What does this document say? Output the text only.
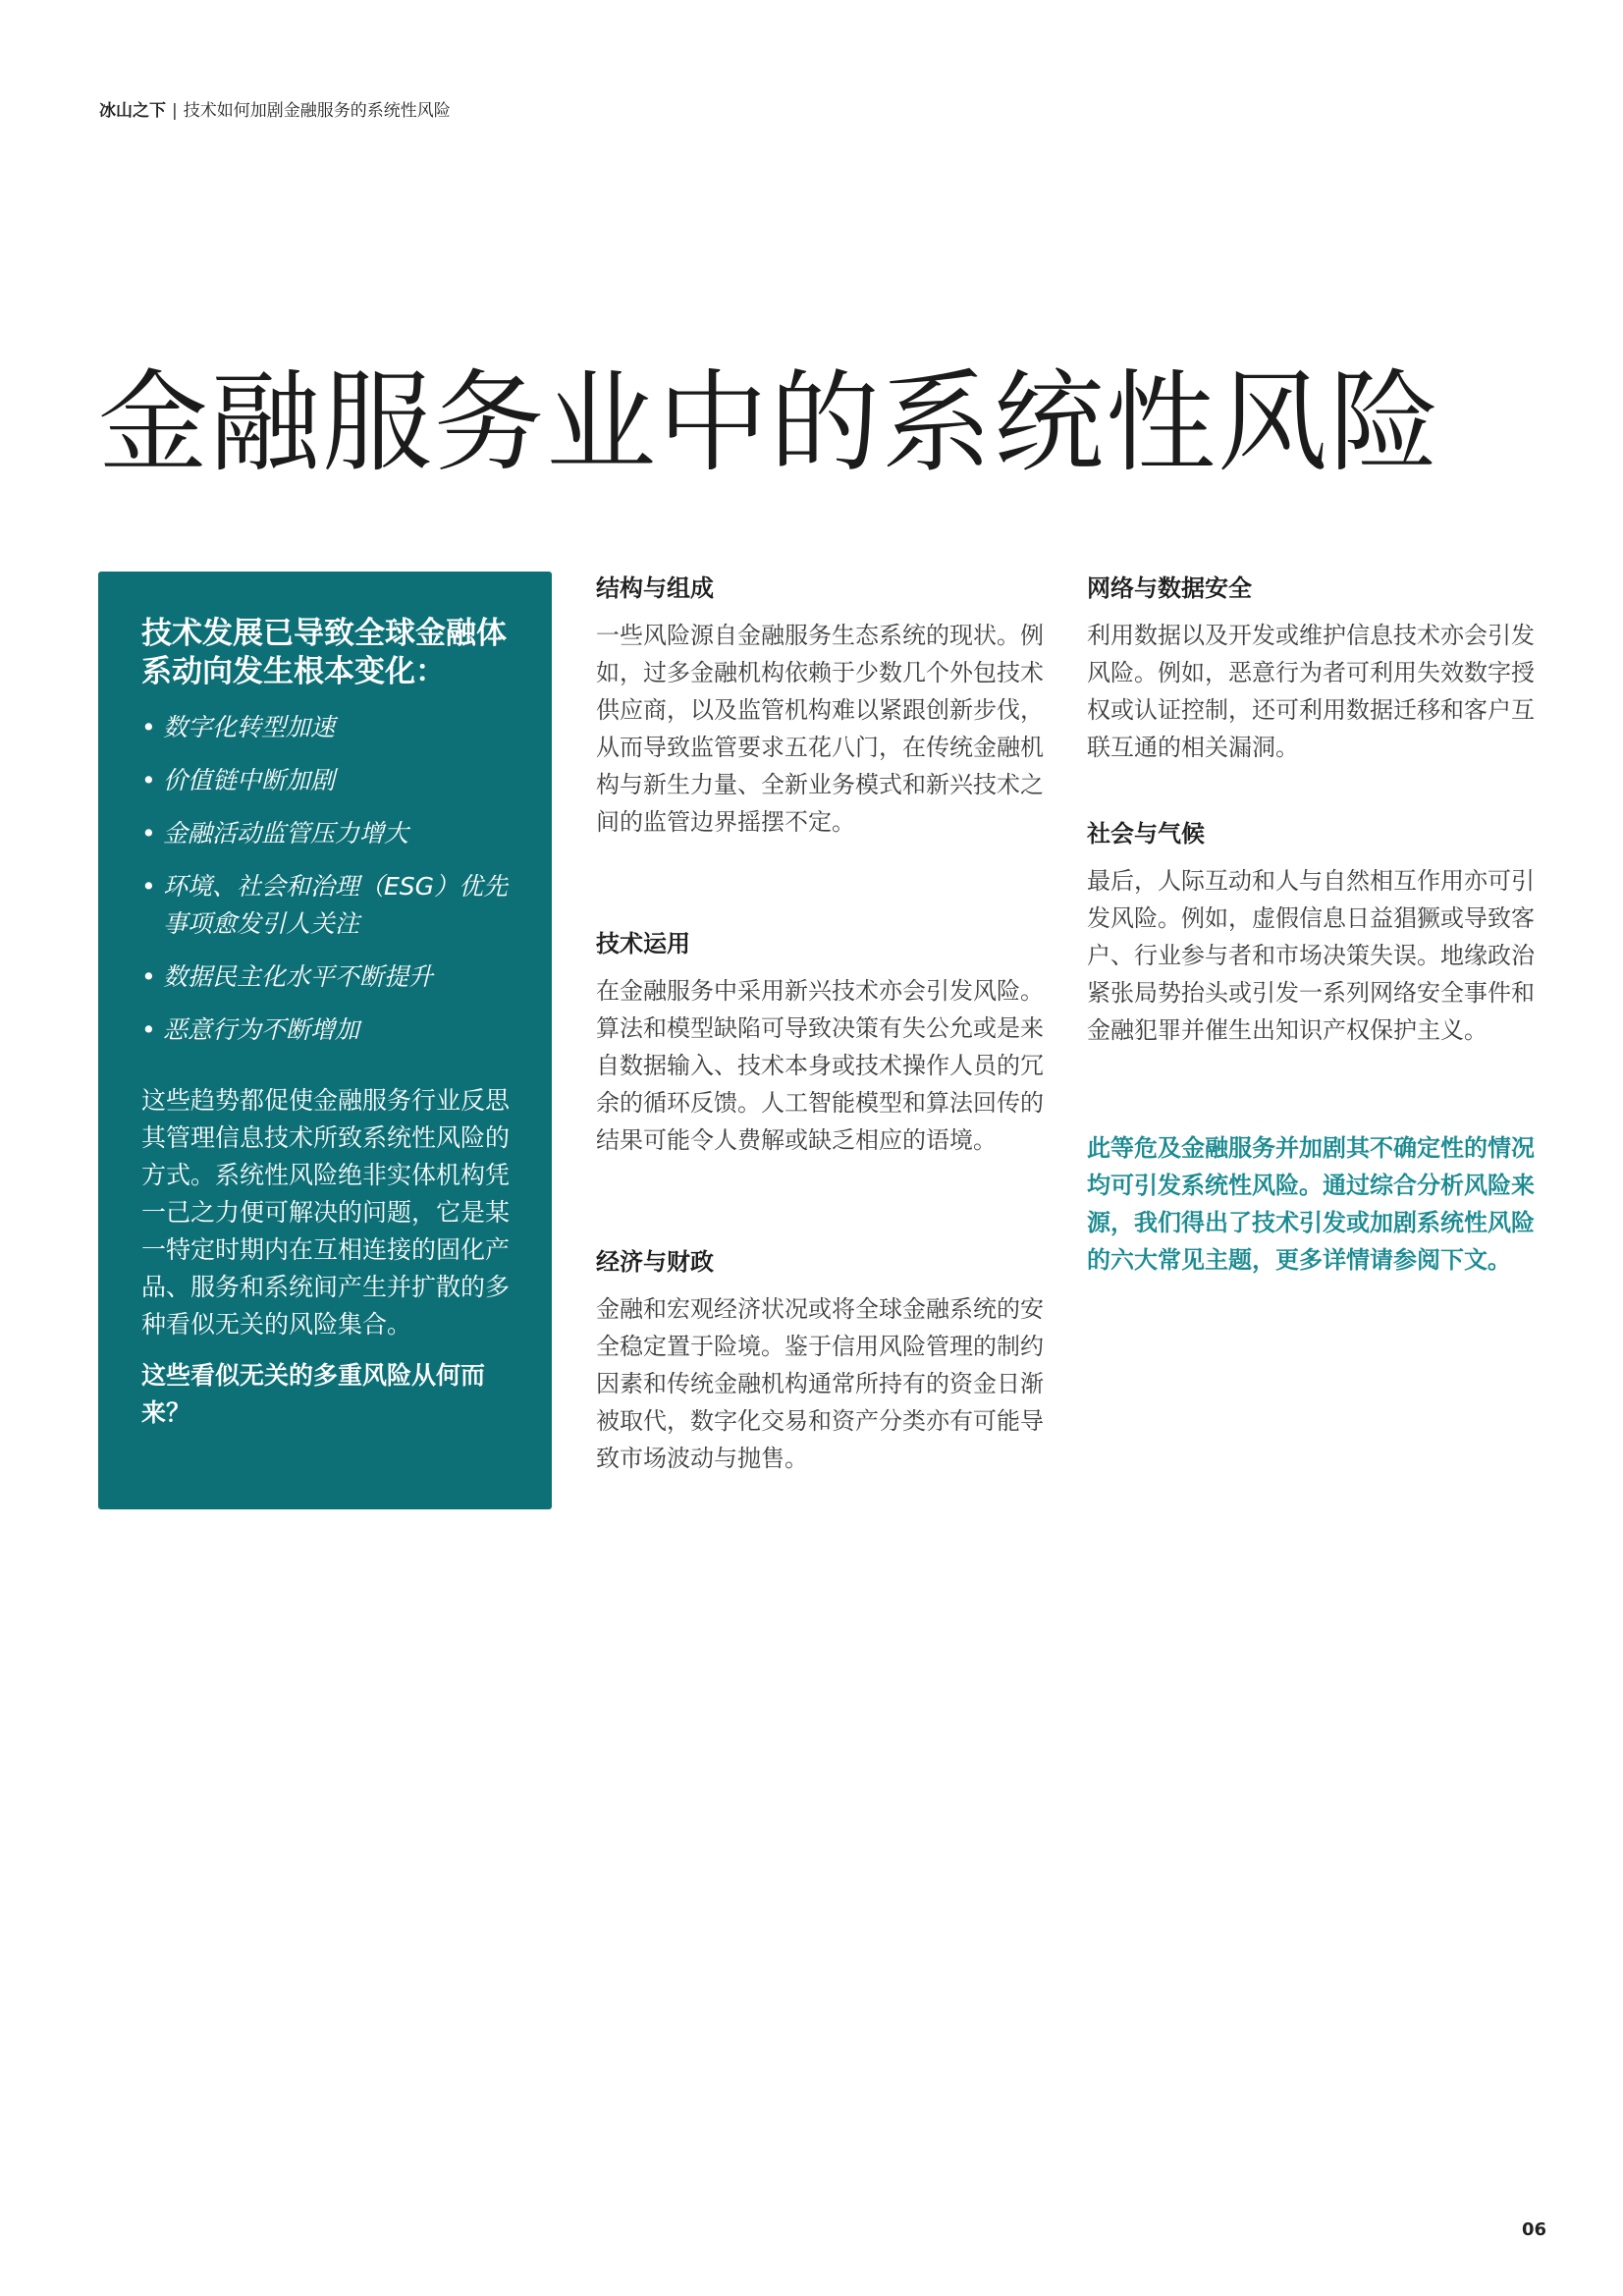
冰山之下 | 技术如何加剧金融服务的系统性风险
金融服务业中的系统性风险

技术发展已导致全球金融体系动向发生根本变化：

• 数字化转型加速
• 价值链中断加剧
• 金融活动监管压力增大
• 环境、社会和治理（ESG）优先事项愈发引人关注
• 数据民主化水平不断提升
• 恶意行为不断增加

这些趋势都促使金融服务行业反思其管理信息技术所致系统性风险的方式。系统性风险绝非实体机构凭一己之力便可解决的问题，它是某一特定时期内在互相连接的固化产品、服务和系统间产生并扩散的多种看似无关的风险集合。

这些看似无关的多重风险从何而来？

结构与组成

一些风险源自金融服务生态系统的现状。例如，过多金融机构依赖于少数几个外包技术供应商，以及监管机构难以紧跟创新步伐，从而导致监管要求五花八门，在传统金融机构与新生力量、全新业务模式和新兴技术之间的监管边界摇摆不定。

技术运用

在金融服务中采用新兴技术亦会引发风险。算法和模型缺陷可导致决策有失公允或是来自数据输入、技术本身或技术操作人员的冗余的循环反馈。人工智能模型和算法回传的结果可能令人费解或缺乏相应的语境。

经济与财政

金融和宏观经济状况或将全球金融系统的安全稳定置于险境。鉴于信用风险管理的制约因素和传统金融机构通常所持有的资金日渐被取代，数字化交易和资产分类亦有可能导致市场波动与抛售。

网络与数据安全

利用数据以及开发或维护信息技术亦会引发风险。例如，恶意行为者可利用失效数字授权或认证控制，还可利用数据迁移和客户互联互通的相关漏洞。

社会与气候

最后，人际互动和人与自然相互作用亦可引发风险。例如，虚假信息日益猖獗或导致客户、行业参与者和市场决策失误。地缘政治紧张局势抬头或引发一系列网络安全事件和金融犯罪并催生出知识产权保护主义。

此等危及金融服务并加剧其不确定性的情况均可引发系统性风险。通过综合分析风险来源，我们得出了技术引发或加剧系统性风险的六大常见主题，更多详情请参阅下文。

06
